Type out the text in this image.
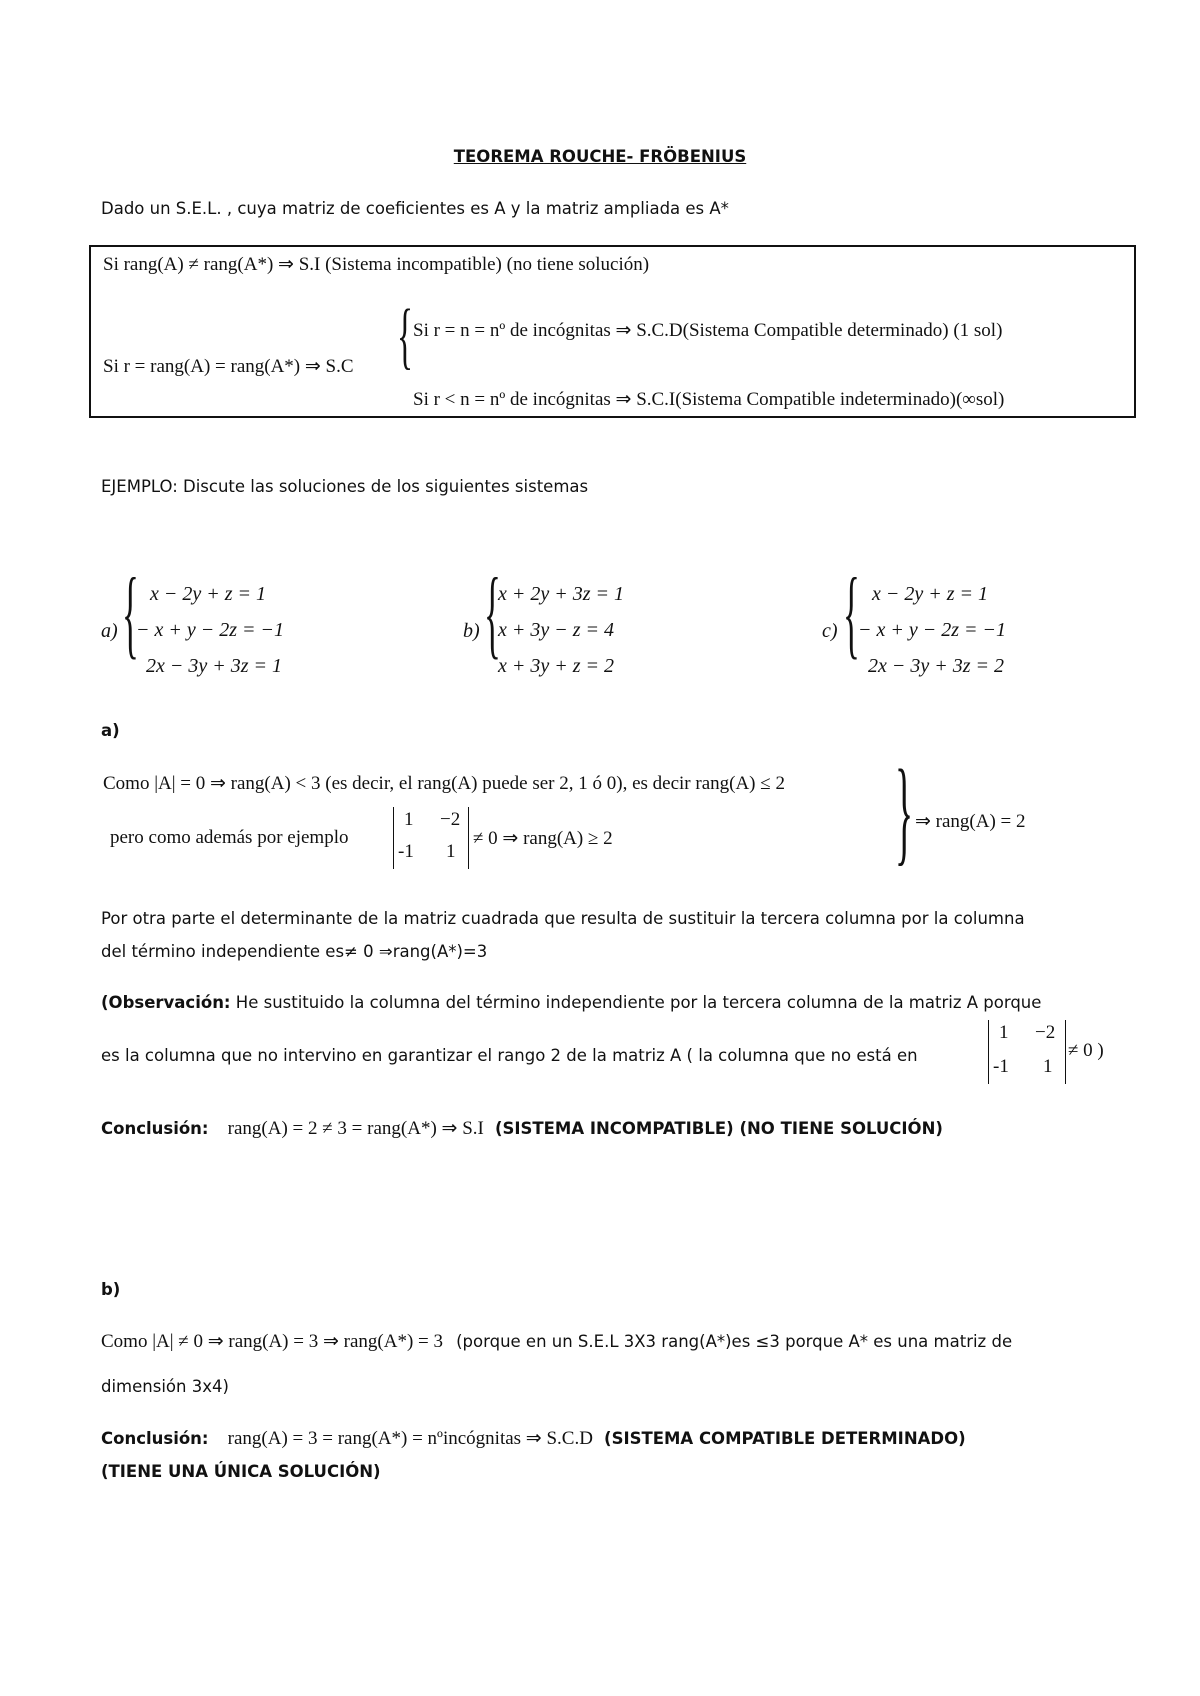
TEOREMA ROUCHE- FRÖBENIUS
Dado un S.E.L. , cuya matriz de coeficientes es A y la matriz ampliada es A*
Si rang(A) ≠ rang(A*) ⇒ S.I (Sistema incompatible) (no tiene solución)
Si r = rang(A) = rang(A*) ⇒ S.C { Si r = n = nº de incógnitas ⇒ S.C.D(Sistema Compatible determinado) (1 sol)
Si r < n = nº de incógnitas ⇒ S.C.I(Sistema Compatible indeterminado)(∞sol)
EJEMPLO: Discute las soluciones de los siguientes sistemas
a) { x − 2y + z = 1
− x + y − 2z = −1
2x − 3y + 3z = 1
b) {
x + 2y + 3z = 1
x + 3y − z = 4
x + 3y + z = 2
c) { x − 2y + z = 1
− x + y − 2z = −1
2x − 3y + 3z = 2
a)
Como |A| = 0 ⇒ rang(A) < 3 (es decir, el rang(A) puede ser 2, 1 ó 0), es decir rang(A) ≤ 2
pero como además por ejemplo
1 −2
-1 1
≠ 0 ⇒ rang(A) ≥ 2 } ⇒ rang(A) = 2
Por otra parte el determinante de la matriz cuadrada que resulta de sustituir la tercera columna por la columna
del término independiente es≠ 0 ⇒rang(A*)=3
(Observación: He sustituido la columna del término independiente por la tercera columna de la matriz A porque
es la columna que no intervino en garantizar el rango 2 de la matriz A ( la columna que no está en
1 −2
-1 1
≠ 0 )
Conclusión: rang(A) = 2 ≠ 3 = rang(A*) ⇒ S.I (SISTEMA INCOMPATIBLE) (NO TIENE SOLUCIÓN)
b)
Como |A| ≠ 0 ⇒ rang(A) = 3 ⇒ rang(A*) = 3 (porque en un S.E.L 3X3 rang(A*)es ≤3 porque A* es una matriz de
dimensión 3x4)
Conclusión: rang(A) = 3 = rang(A*) = nºincógnitas ⇒ S.C.D (SISTEMA COMPATIBLE DETERMINADO)
(TIENE UNA ÚNICA SOLUCIÓN)
